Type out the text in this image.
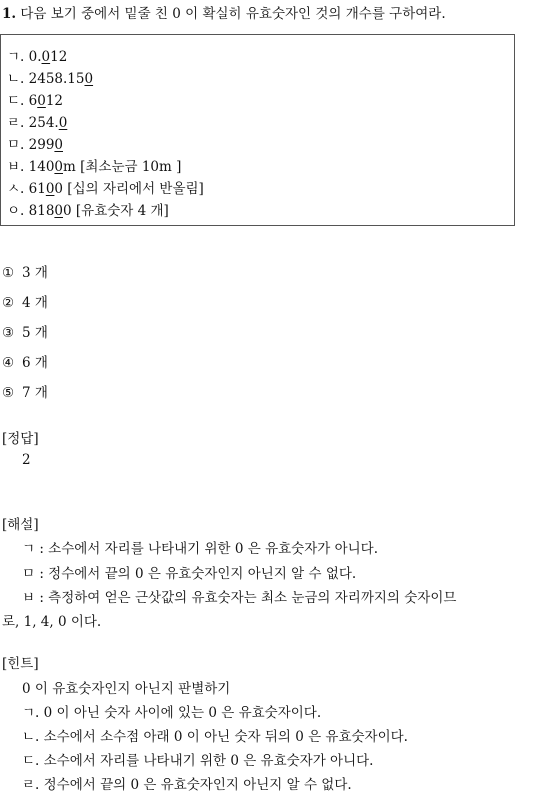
1. 다음 보기 중에서 밑줄 친 0 이 확실히 유효숫자인 것의 개수를 구하여라.
ㄱ. 0.012
ㄴ. 2458.150
ㄷ. 6012
ㄹ. 254.0
ㅁ. 2990
ㅂ. 1400m [최소눈금 10m ]
ㅅ. 6100 [십의 자리에서 반올림]
ㅇ. 81800 [유효숫자 4 개]
① 3 개
② 4 개
③ 5 개
④ 6 개
⑤ 7 개
[정답]
2
[해설]
ㄱ : 소수에서 자리를 나타내기 위한 0 은 유효숫자가 아니다.
ㅁ : 정수에서 끝의 0 은 유효숫자인지 아닌지 알 수 없다.
ㅂ : 측정하여 얻은 근삿값의 유효숫자는 최소 눈금의 자리까지의 숫자이므
로, 1, 4, 0 이다.
[힌트]
0 이 유효숫자인지 아닌지 판별하기
ㄱ. 0 이 아닌 숫자 사이에 있는 0 은 유효숫자이다.
ㄴ. 소수에서 소수점 아래 0 이 아닌 숫자 뒤의 0 은 유효숫자이다.
ㄷ. 소수에서 자리를 나타내기 위한 0 은 유효숫자가 아니다.
ㄹ. 정수에서 끝의 0 은 유효숫자인지 아닌지 알 수 없다.
